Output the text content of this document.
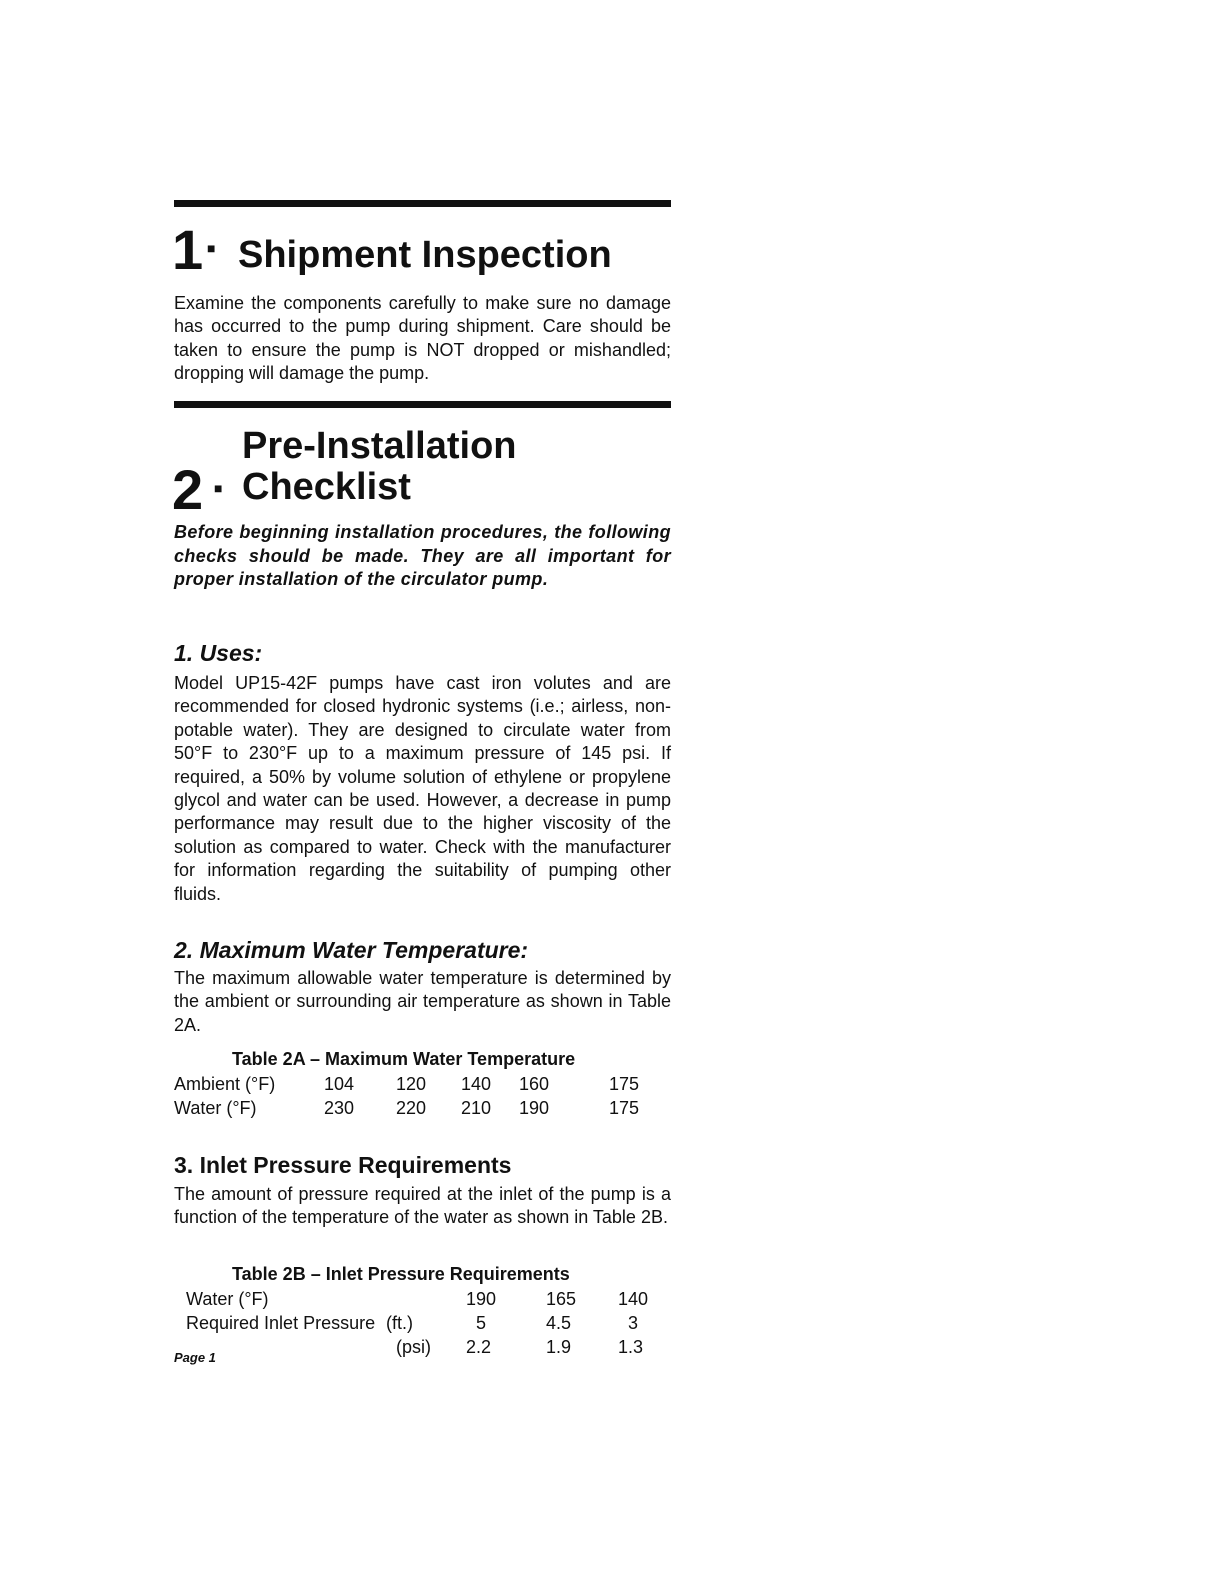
1 ■ Shipment Inspection

Examine the components carefully to make sure no damage has occurred to the pump during shipment. Care should be taken to ensure the pump is NOT dropped or mishandled; dropping will damage the pump.

Pre-Installation
2 ■ Checklist

Before beginning installation procedures, the following checks should be made. They are all important for proper installation of the circulator pump.

1. Uses:

Model UP15-42F pumps have cast iron volutes and are recommended for closed hydronic systems (i.e.; airless, non-potable water). They are designed to circulate water from 50°F to 230°F up to a maximum pressure of 145 psi. If required, a 50% by volume solution of ethylene or propylene glycol and water can be used. However, a decrease in pump performance may result due to the higher viscosity of the solution as compared to water. Check with the manufacturer for information regarding the suitability of pumping other fluids.

2. Maximum Water Temperature:

The maximum allowable water temperature is determined by the ambient or surrounding air temperature as shown in Table 2A.

Table 2A – Maximum Water Temperature
Ambient (°F)	104	120	140	160	175
Water (°F)	230	220	210	190	175
3. Inlet Pressure Requirements

The amount of pressure required at the inlet of the pump is a function of the temperature of the water as shown in Table 2B.

Table 2B – Inlet Pressure Requirements
Water (°F)		190	165	140
Required Inlet Pressure	(ft.)	5	4.5	3
	(psi)	2.2	1.9	1.3
Page 1
